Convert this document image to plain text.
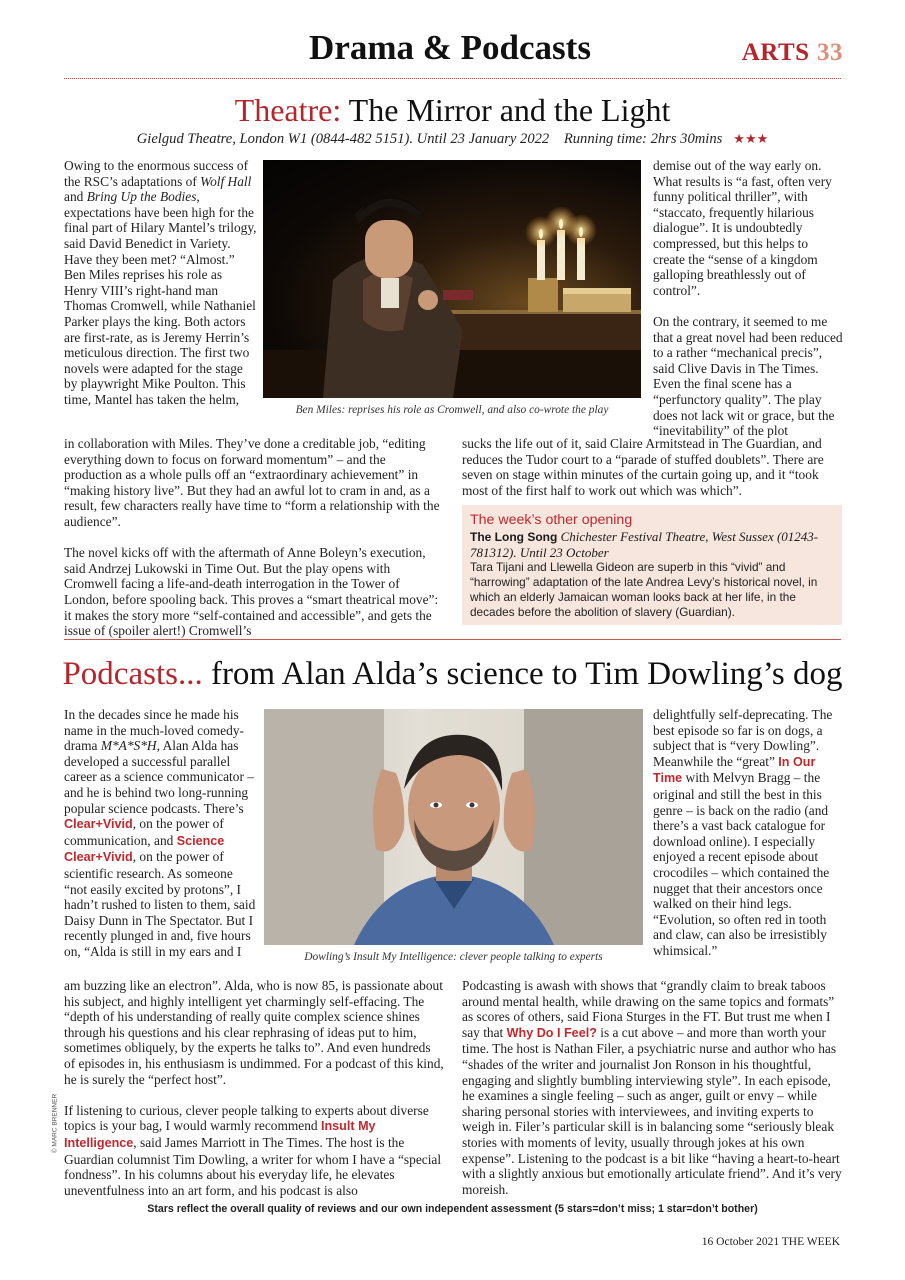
Drama & Podcasts	ARTS 33
Theatre: The Mirror and the Light
Gielgud Theatre, London W1 (0844-482 5151). Until 23 January 2022 Running time: 2hrs 30mins ★★★
Ben Miles: reprises his role as Cromwell, and also co-wrote the play

Owing to the enormous success of the RSC’s adaptations of Wolf Hall and Bring Up the Bodies, expectations have been high for the final part of Hilary Mantel’s trilogy, said David Benedict in Variety. Have they been met? “Almost.” Ben Miles reprises his role as Henry VIII’s right-hand man Thomas Cromwell, while Nathaniel Parker plays the king. Both actors are first-rate, as is Jeremy Herrin’s meticulous direction. The first two novels were adapted for the stage by playwright Mike Poulton. This time, Mantel has taken the helm,

in collaboration with Miles. They’ve done a creditable job, “editing everything down to focus on forward momentum” – and the production as a whole pulls off an “extraordinary achievement” in “making history live”. But they had an awful lot to cram in and, as a result, few characters really have time to “form a relationship with the audience”.

The novel kicks off with the aftermath of Anne Boleyn’s execution, said Andrzej Lukowski in Time Out. But the play opens with Cromwell facing a life-and-death interrogation in the Tower of London, before spooling back. This proves a “smart theatrical move”: it makes the story more “self-contained and accessible”, and gets the issue of (spoiler alert!) Cromwell’s

demise out of the way early on. What results is “a fast, often very funny political thriller”, with “staccato, frequently hilarious dialogue”. It is undoubtedly compressed, but this helps to create the “sense of a kingdom galloping breathlessly out of control”.

On the contrary, it seemed to me that a great novel had been reduced to a rather “mechanical precis”, said Clive Davis in The Times. Even the final scene has a “perfunctory quality”. The play does not lack wit or grace, but the “inevitability” of the plot

sucks the life out of it, said Claire Armitstead in The Guardian, and reduces the Tudor court to a “parade of stuffed doublets”. There are seven on stage within minutes of the curtain going up, and it “took most of the first half to work out which was which”.

The week’s other opening
The Long Song Chichester Festival Theatre, West Sussex (01243-781312). Until 23 October
Tara Tijani and Llewella Gideon are superb in this “vivid” and “harrowing” adaptation of the late Andrea Levy’s historical novel, in which an elderly Jamaican woman looks back at her life, in the decades before the abolition of slavery (Guardian).
Podcasts... from Alan Alda’s science to Tim Dowling’s dog
Dowling’s Insult My Intelligence: clever people talking to experts

In the decades since he made his name in the much-loved comedy-drama M*A*S*H, Alan Alda has developed a successful parallel career as a science communicator – and he is behind two long-running popular science podcasts. There’s Clear+Vivid, on the power of communication, and Science Clear+Vivid, on the power of scientific research. As someone “not easily excited by protons”, I hadn’t rushed to listen to them, said Daisy Dunn in The Spectator. But I recently plunged in and, five hours on, “Alda is still in my ears and I

am buzzing like an electron”. Alda, who is now 85, is passionate about his subject, and highly intelligent yet charmingly self-effacing. The “depth of his understanding of really quite complex science shines through his questions and his clear rephrasing of ideas put to him, sometimes obliquely, by the experts he talks to”. And even hundreds of episodes in, his enthusiasm is undimmed. For a podcast of this kind, he is surely the “perfect host”.

If listening to curious, clever people talking to experts about diverse topics is your bag, I would warmly recommend Insult My Intelligence, said James Marriott in The Times. The host is the Guardian columnist Tim Dowling, a writer for whom I have a “special fondness”. In his columns about his everyday life, he elevates uneventfulness into an art form, and his podcast is also

delightfully self-deprecating. The best episode so far is on dogs, a subject that is “very Dowling”. Meanwhile the “great” In Our Time with Melvyn Bragg – the original and still the best in this genre – is back on the radio (and there’s a vast back catalogue for download online). I especially enjoyed a recent episode about crocodiles – which contained the nugget that their ancestors once walked on their hind legs. “Evolution, so often red in tooth and claw, can also be irresistibly whimsical.”

Podcasting is awash with shows that “grandly claim to break taboos around mental health, while drawing on the same topics and formats” as scores of others, said Fiona Sturges in the FT. But trust me when I say that Why Do I Feel? is a cut above – and more than worth your time. The host is Nathan Filer, a psychiatric nurse and author who has “shades of the writer and journalist Jon Ronson in his thoughtful, engaging and slightly bumbling interviewing style”. In each episode, he examines a single feeling – such as anger, guilt or envy – while sharing personal stories with interviewees, and inviting experts to weigh in. Filer’s particular skill is in balancing some “seriously bleak stories with moments of levity, usually through jokes at his own expense”. Listening to the podcast is a bit like “having a heart-to-heart with a slightly anxious but emotionally articulate friend”. And it’s very moreish.

© MARC BRENNER
Stars reflect the overall quality of reviews and our own independent assessment (5 stars=don’t miss; 1 star=don’t bother)
16 October 2021 THE WEEK
